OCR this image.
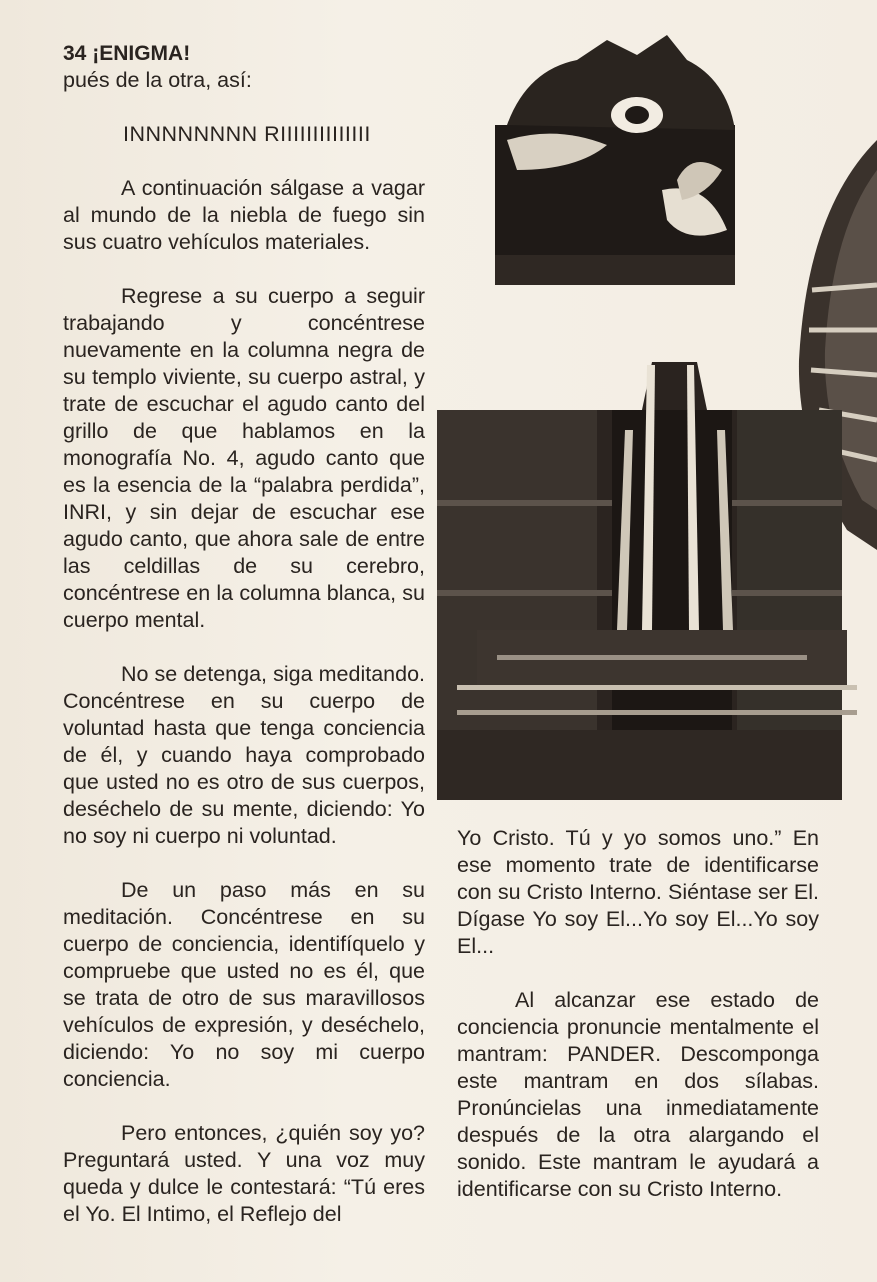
34 ¡ENIGMA!

pués de la otra, así:

INNNNNNNN RIIIIIIIIIIIIII

A continuación sálgase a vagar al mundo de la niebla de fuego sin sus cuatro vehículos materiales.

Regrese a su cuerpo a seguir trabajando y concéntrese nuevamente en la columna negra de su templo viviente, su cuerpo astral, y trate de escuchar el agudo canto del grillo de que hablamos en la monografía No. 4, agudo canto que es la esencia de la “palabra perdida”, INRI, y sin dejar de escuchar ese agudo canto, que ahora sale de entre las celdillas de su cerebro, concéntrese en la columna blanca, su cuerpo mental.

No se detenga, siga meditando. Concéntrese en su cuerpo de voluntad hasta que tenga conciencia de él, y cuando haya comprobado que usted no es otro de sus cuerpos, deséchelo de su mente, diciendo: Yo no soy ni cuerpo ni voluntad.

De un paso más en su meditación. Concéntrese en su cuerpo de conciencia, identifíquelo y compruebe que usted no es él, que se trata de otro de sus maravillosos vehículos de expresión, y deséchelo, diciendo: Yo no soy mi cuerpo conciencia.

Pero entonces, ¿quién soy yo? Preguntará usted. Y una voz muy queda y dulce le contestará: “Tú eres el Yo. El Intimo, el Reflejo del

Yo Cristo. Tú y yo somos uno.” En ese momento trate de identificarse con su Cristo Interno. Siéntase ser El. Dígase Yo soy El...Yo soy El...Yo soy El...

Al alcanzar ese estado de conciencia pronuncie mentalmente el mantram: PANDER. Descomponga este mantram en dos sílabas. Pronúncielas una inmediatamente después de la otra alargando el sonido. Este mantram le ayudará a identificarse con su Cristo Interno.
